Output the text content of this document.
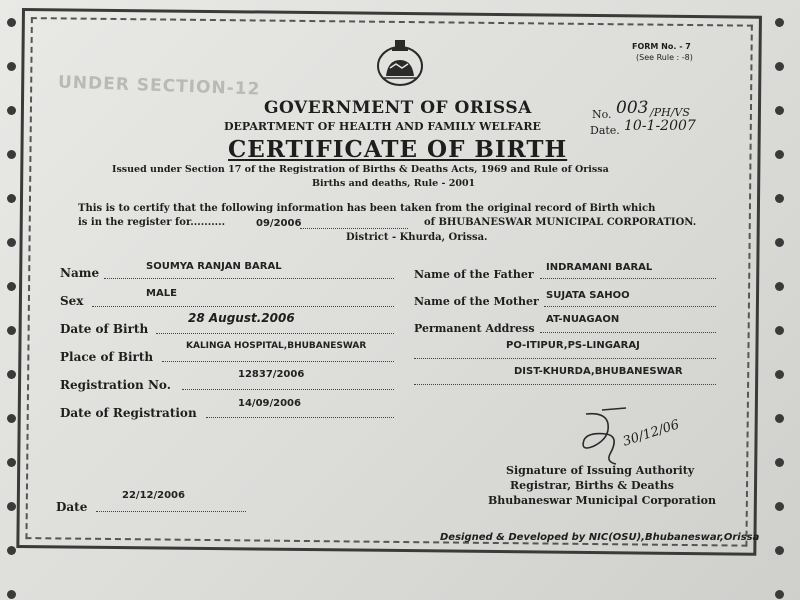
UNDER SECTION-12
FORM No. - 7
(See Rule : -8)
GOVERNMENT OF ORISSA
DEPARTMENT OF HEALTH AND FAMILY WELFARE
No. 003 /PH/VS
Date. 10-1-2007
CERTIFICATE OF BIRTH
Issued under Section 17 of the Registration of Births & Deaths Acts, 1969 and Rule of Orissa
Births and deaths, Rule - 2001
This is to certify that the following information has been taken from the original record of Birth which
is in the register for..........	09/2006	of BHUBANESWAR MUNICIPAL CORPORATION.
District - Khurda, Orissa.
Name	SOUMYA RANJAN BARAL
Sex
MALE
Date of Birth
28 August.2006
Place of Birth
KALINGA HOSPITAL,BHUBANESWAR
Registration No.
12837/2006
Date of Registration
14/09/2006
Name of the Father
INDRAMANI BARAL
Name of the Mother SUJATA SAHOO
Permanent Address
AT-NUAGAON
PO-ITIPUR,PS-LINGARAJ
DIST-KHURDA,BHUBANESWAR
30/12/06
Signature of Issuing Authority
Registrar, Births & Deaths
Bhubaneswar Municipal Corporation
Date
22/12/2006
Designed & Developed by NIC(OSU),Bhubaneswar,Orissa
